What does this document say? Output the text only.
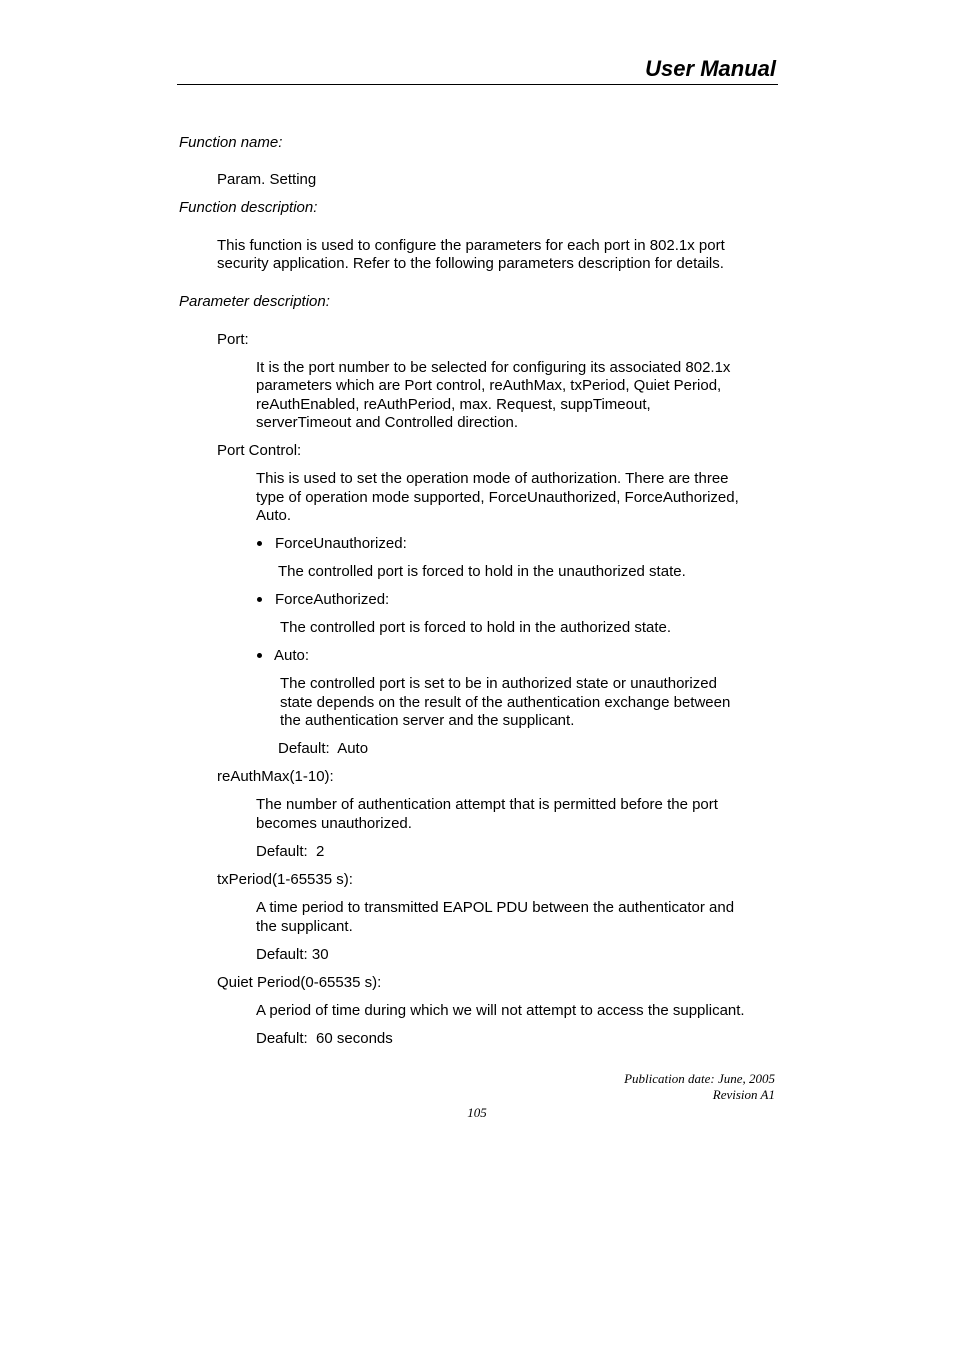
User Manual
Function name:
Param. Setting
Function description:
This function is used to configure the parameters for each port in 802.1x port
security application. Refer to the following parameters description for details.
Parameter description:
Port:
It is the port number to be selected for configuring its associated 802.1x
parameters which are Port control, reAuthMax, txPeriod, Quiet Period,
reAuthEnabled, reAuthPeriod, max. Request, suppTimeout,
serverTimeout and Controlled direction.
Port Control:
This is used to set the operation mode of authorization. There are three
type of operation mode supported, ForceUnauthorized, ForceAuthorized,
Auto.
ForceUnauthorized:
The controlled port is forced to hold in the unauthorized state.
ForceAuthorized:
The controlled port is forced to hold in the authorized state.
Auto:
The controlled port is set to be in authorized state or unauthorized
state depends on the result of the authentication exchange between
the authentication server and the supplicant.
Default:  Auto
reAuthMax(1-10):
The number of authentication attempt that is permitted before the port
becomes unauthorized.
Default:  2
txPeriod(1-65535 s):
A time period to transmitted EAPOL PDU between the authenticator and
the supplicant.
Default: 30
Quiet Period(0-65535 s):
A period of time during which we will not attempt to access the supplicant.
Deafult:  60 seconds
Publication date: June, 2005
Revision A1
105
